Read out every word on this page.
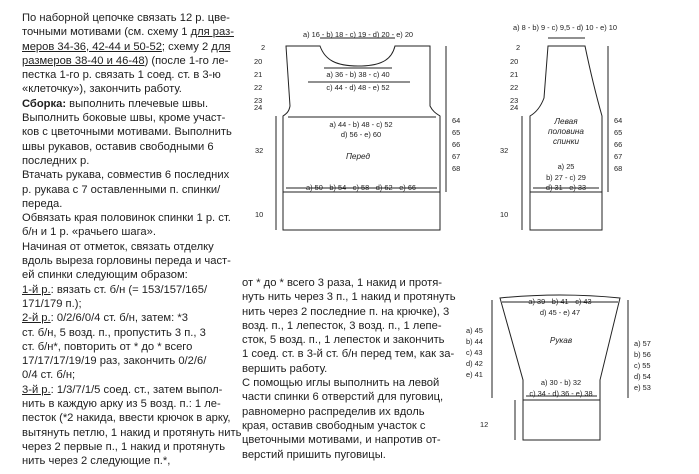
По наборной цепочке связать 12 р. цве-

точными мотивами (см. схему 1 для раз-

меров 34-36, 42-44 и 50-52; схему 2 для

размеров 38-40 и 46-48) (после 1-го ле-

пестка 1-го р. связать 1 соед. ст. в 3-ю

«клеточку»), закончить работу.

Сборка: выполнить плечевые швы.

Выполнить боковые швы, кроме участ-

ков с цветочными мотивами. Выполнить

швы рукавов, оставив свободными 6

последних р.

Втачать рукава, совместив 6 последних

р. рукава с 7 оставленными п. спинки/

переда.

Обвязать края половинок спинки 1 р. ст.

б/н и 1 р. «рачьего шага».

Начиная от отметок, связать отделку

вдоль выреза горловины переда и част-

ей спинки следующим образом:

1-й р.: вязать ст. б/н (= 153/157/165/

171/179 п.);

2-й р.: 0/2/6/0/4 ст. б/н, затем: *3

ст. б/н, 5 возд. п., пропустить 3 п., 3

ст. б/н*, повторить от * до * всего

17/17/17/19/19 раз, закончить 0/2/6/

0/4 ст. б/н;

3-й р.: 1/3/7/1/5 соед. ст., затем выпол-

нить в каждую арку из 5 возд. п.: 1 ле-

песток (*2 накида, ввести крючок в арку,

вытянуть петлю, 1 накид и протянуть нить

через 2 первые п., 1 накид и протянуть

нить через 2 следующие п.*,

от * до * всего 3 раза, 1 накид и протя-

нуть нить через 3 п., 1 накид и протянуть

нить через 2 последние п. на крючке), 3

возд. п., 1 лепесток, 3 возд. п., 1 лепе-

сток, 5 возд. п., 1 лепесток и закончить

1 соед. ст. в 3-й ст. б/н перед тем, как за-

вершить работу.

С помощью иглы выполнить на левой

части спинки 6 отверстий для пуговиц,

равномерно распределив их вдоль

края, оставив свободным участок с

цветочными мотивами, и напротив от-

верстий пришить пуговицы.

a) 16 - b) 18 - c) 19 - d) 20 - e) 20
2
20
21
22
23
24
a) 36 - b) 38 - c) 40
c) 44 - d) 48 - e) 52
a) 44 - b) 48 - c) 52
d) 56 - e) 60
Перед
32
64
65
66
67
68
a) 50 - b) 54 - c) 58 - d) 62 - e) 66
10
a) 8 - b) 9 - c) 9,5 - d) 10 - e) 10
2
20
21
22
23
24
Левая
половина
спинки
32
64
65
66
67
68
a) 25
b) 27 - c) 29
d) 31 - e) 33
10
a) 39 - b) 41 - c) 43
d) 45 - e) 47
Рукав
a) 45
b) 44
c) 43
d) 42
e) 41
a) 57
b) 56
c) 55
d) 54
e) 53
a) 30 - b) 32
c) 34 - d) 36 - e) 38
12
